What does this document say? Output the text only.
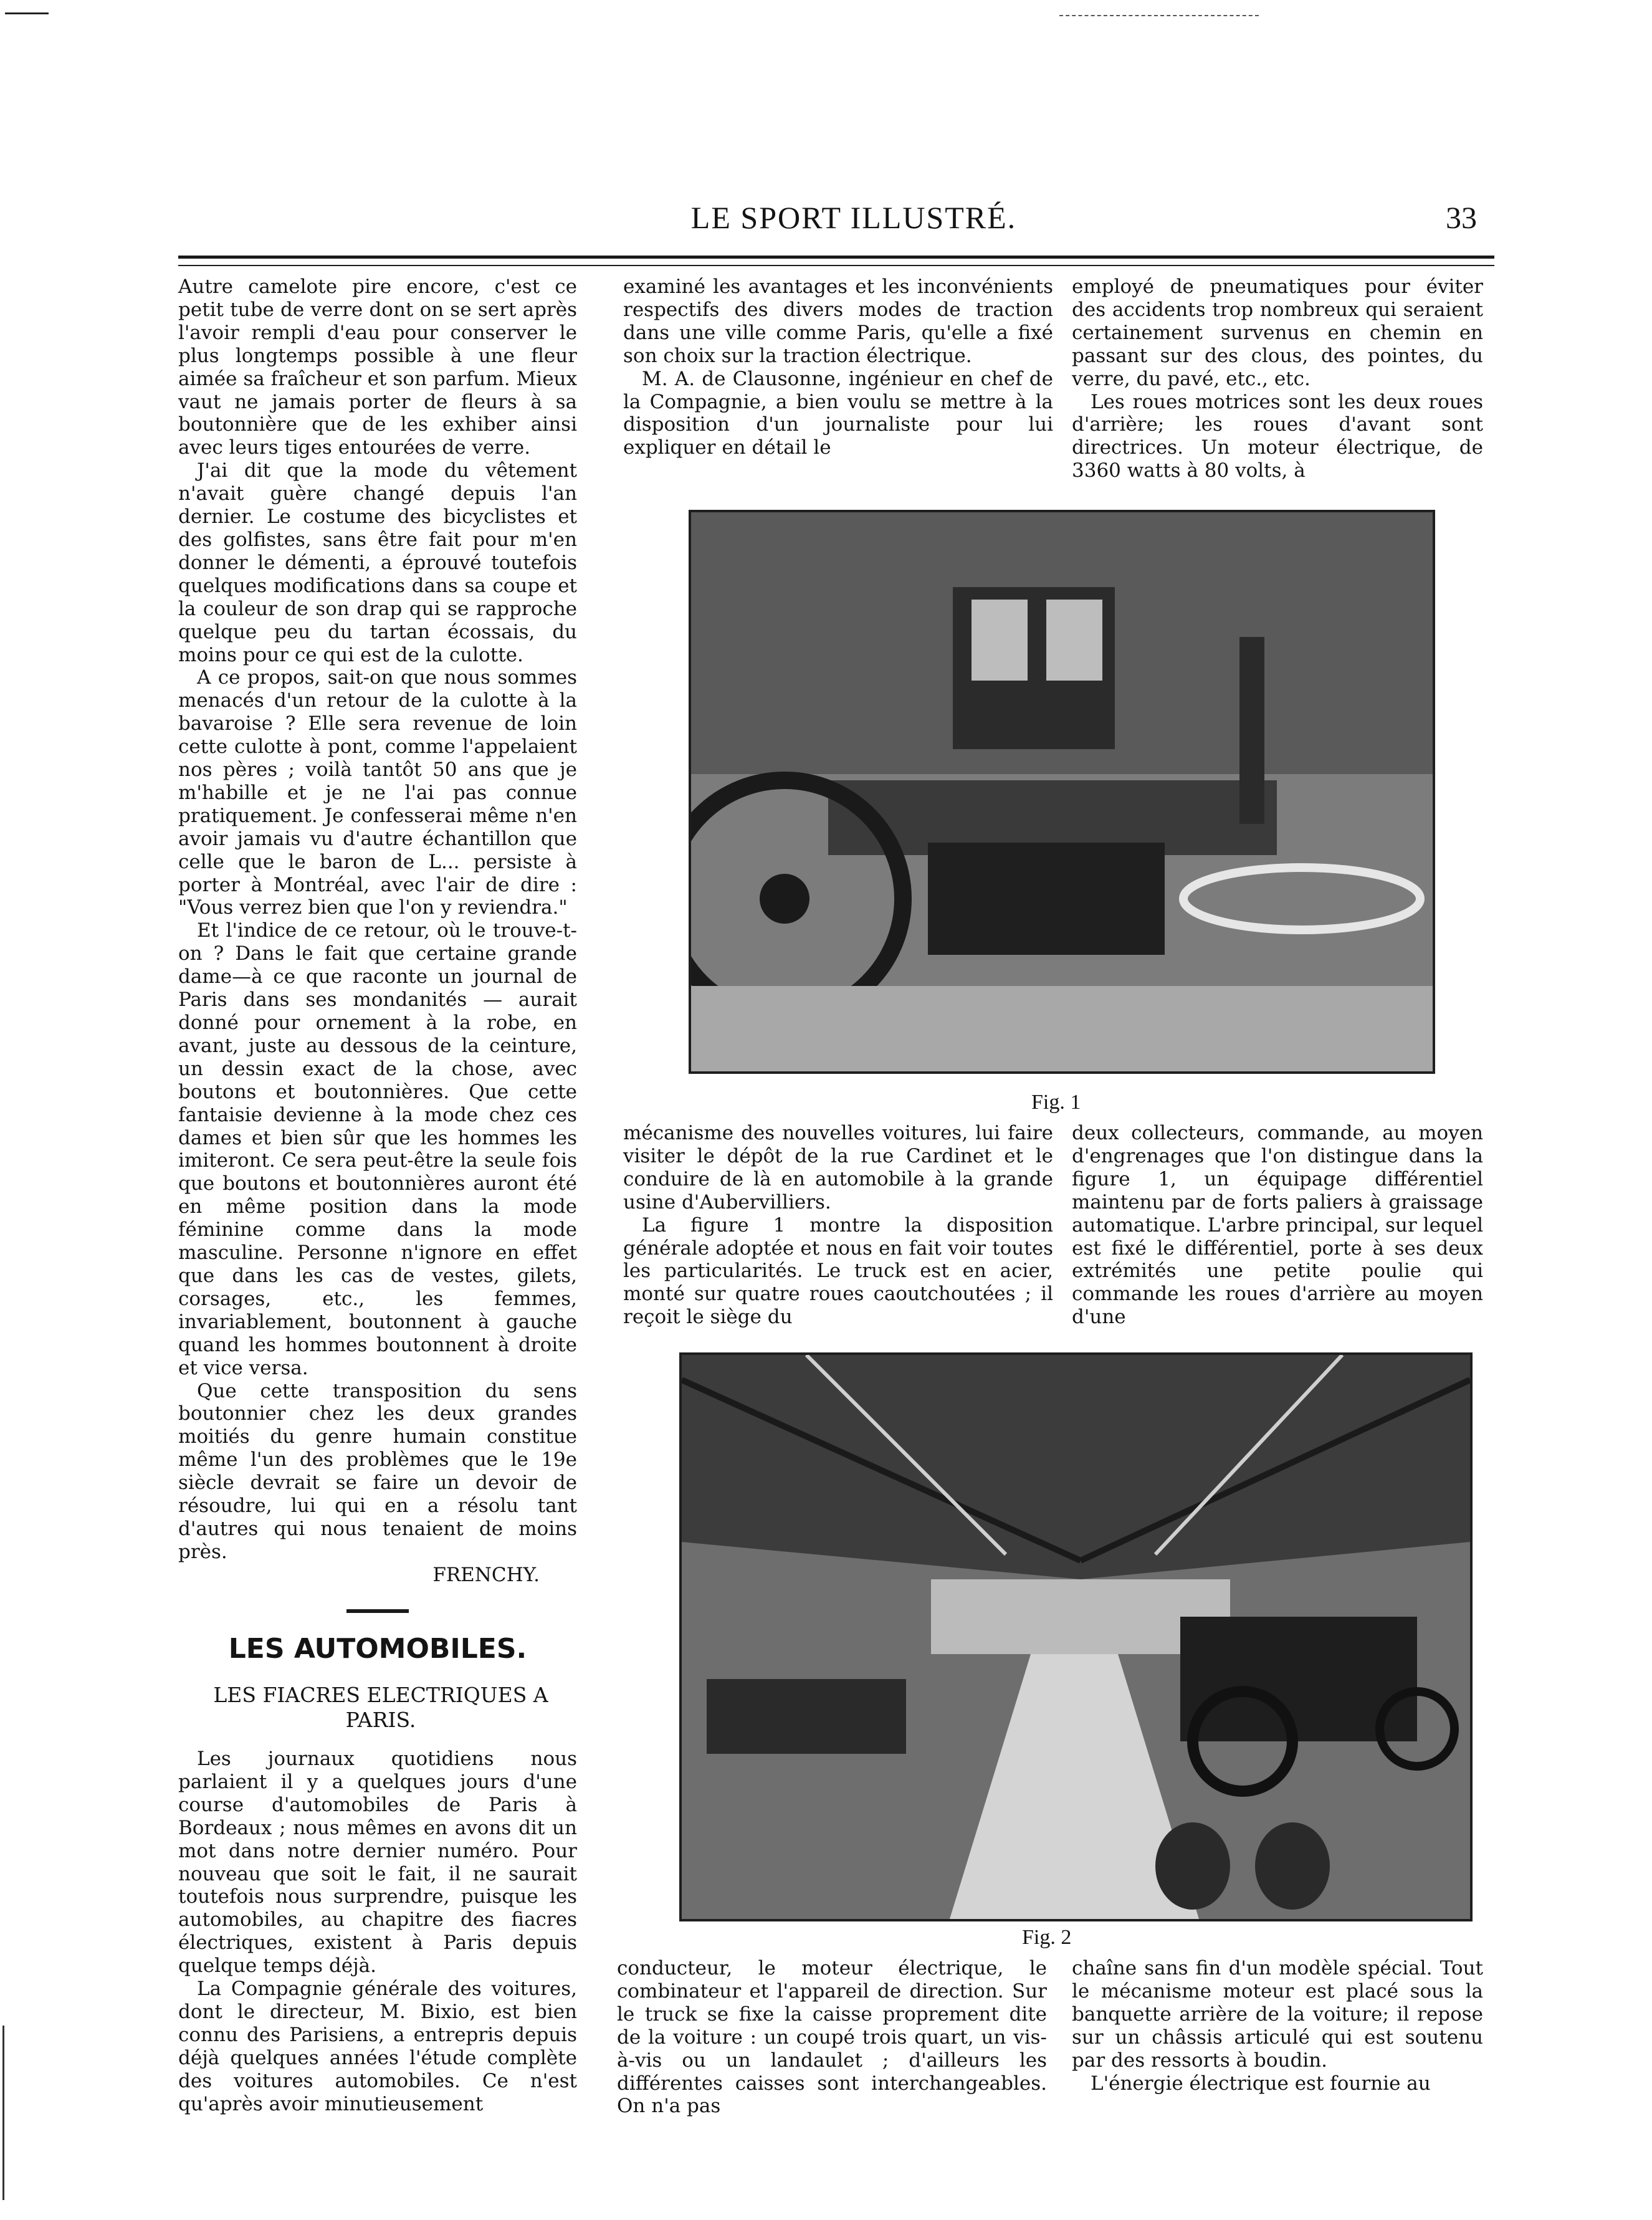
LE SPORT ILLUSTRÉ.	33

Autre camelote pire encore, c'est ce petit tube de verre dont on se sert après l'avoir rempli d'eau pour conserver le plus longtemps possible à une fleur aimée sa fraîcheur et son parfum. Mieux vaut ne jamais porter de fleurs à sa boutonnière que de les exhiber ainsi avec leurs tiges entourées de verre.

J'ai dit que la mode du vêtement n'avait guère changé depuis l'an dernier. Le costume des bicyclistes et des golfistes, sans être fait pour m'en donner le démenti, a éprouvé toutefois quelques modifications dans sa coupe et la couleur de son drap qui se rapproche quelque peu du tartan écossais, du moins pour ce qui est de la culotte.

A ce propos, sait-on que nous sommes menacés d'un retour de la culotte à la bavaroise ? Elle sera revenue de loin cette culotte à pont, comme l'appelaient nos pères ; voilà tantôt 50 ans que je m'habille et je ne l'ai pas connue pratiquement. Je confesserai même n'en avoir jamais vu d'autre échantillon que celle que le baron de L... persiste à porter à Montréal, avec l'air de dire : "Vous verrez bien que l'on y reviendra."

Et l'indice de ce retour, où le trouve-t-on ? Dans le fait que certaine grande dame—à ce que raconte un journal de Paris dans ses mondanités — aurait donné pour ornement à la robe, en avant, juste au dessous de la ceinture, un dessin exact de la chose, avec boutons et boutonnières. Que cette fantaisie devienne à la mode chez ces dames et bien sûr que les hommes les imiteront. Ce sera peut-être la seule fois que boutons et boutonnières auront été en même position dans la mode féminine comme dans la mode masculine. Personne n'ignore en effet que dans les cas de vestes, gilets, corsages, etc., les femmes, invariablement, boutonnent à gauche quand les hommes boutonnent à droite et vice versa.

Que cette transposition du sens boutonnier chez les deux grandes moitiés du genre humain constitue même l'un des problèmes que le 19e siècle devrait se faire un devoir de résoudre, lui qui en a résolu tant d'autres qui nous tenaient de moins près.

FRENCHY.

LES AUTOMOBILES.
LES FIACRES ELECTRIQUES A PARIS.

Les journaux quotidiens nous parlaient il y a quelques jours d'une course d'automobiles de Paris à Bordeaux ; nous mêmes en avons dit un mot dans notre dernier numéro. Pour nouveau que soit le fait, il ne saurait toutefois nous surprendre, puisque les automobiles, au chapitre des fiacres électriques, existent à Paris depuis quelque temps déjà.

La Compagnie générale des voitures, dont le directeur, M. Bixio, est bien connu des Parisiens, a entrepris depuis déjà quelques années l'étude complète des voitures automobiles. Ce n'est qu'après avoir minutieusement

examiné les avantages et les inconvénients respectifs des divers modes de traction dans une ville comme Paris, qu'elle a fixé son choix sur la traction électrique.

M. A. de Clausonne, ingénieur en chef de la Compagnie, a bien voulu se mettre à la disposition d'un journaliste pour lui expliquer en détail le

employé de pneumatiques pour éviter des accidents trop nombreux qui seraient certainement survenus en chemin en passant sur des clous, des pointes, du verre, du pavé, etc., etc.

Les roues motrices sont les deux roues d'arrière; les roues d'avant sont directrices. Un moteur électrique, de 3360 watts à 80 volts, à

Fig. 1

mécanisme des nouvelles voitures, lui faire visiter le dépôt de la rue Cardinet et le conduire de là en automobile à la grande usine d'Aubervilliers.

La figure 1 montre la disposition générale adoptée et nous en fait voir toutes les particularités. Le truck est en acier, monté sur quatre roues caoutchoutées ; il reçoit le siège du

deux collecteurs, commande, au moyen d'engrenages que l'on distingue dans la figure 1, un équipage différentiel maintenu par de forts paliers à graissage automatique. L'arbre principal, sur lequel est fixé le différentiel, porte à ses deux extrémités une petite poulie qui commande les roues d'arrière au moyen d'une

Fig. 2

conducteur, le moteur électrique, le combinateur et l'appareil de direction. Sur le truck se fixe la caisse proprement dite de la voiture : un coupé trois quart, un vis-à-vis ou un landaulet ; d'ailleurs les différentes caisses sont interchangeables. On n'a pas

chaîne sans fin d'un modèle spécial. Tout le mécanisme moteur est placé sous la banquette arrière de la voiture; il repose sur un châssis articulé qui est soutenu par des ressorts à boudin.

L'énergie électrique est fournie au
